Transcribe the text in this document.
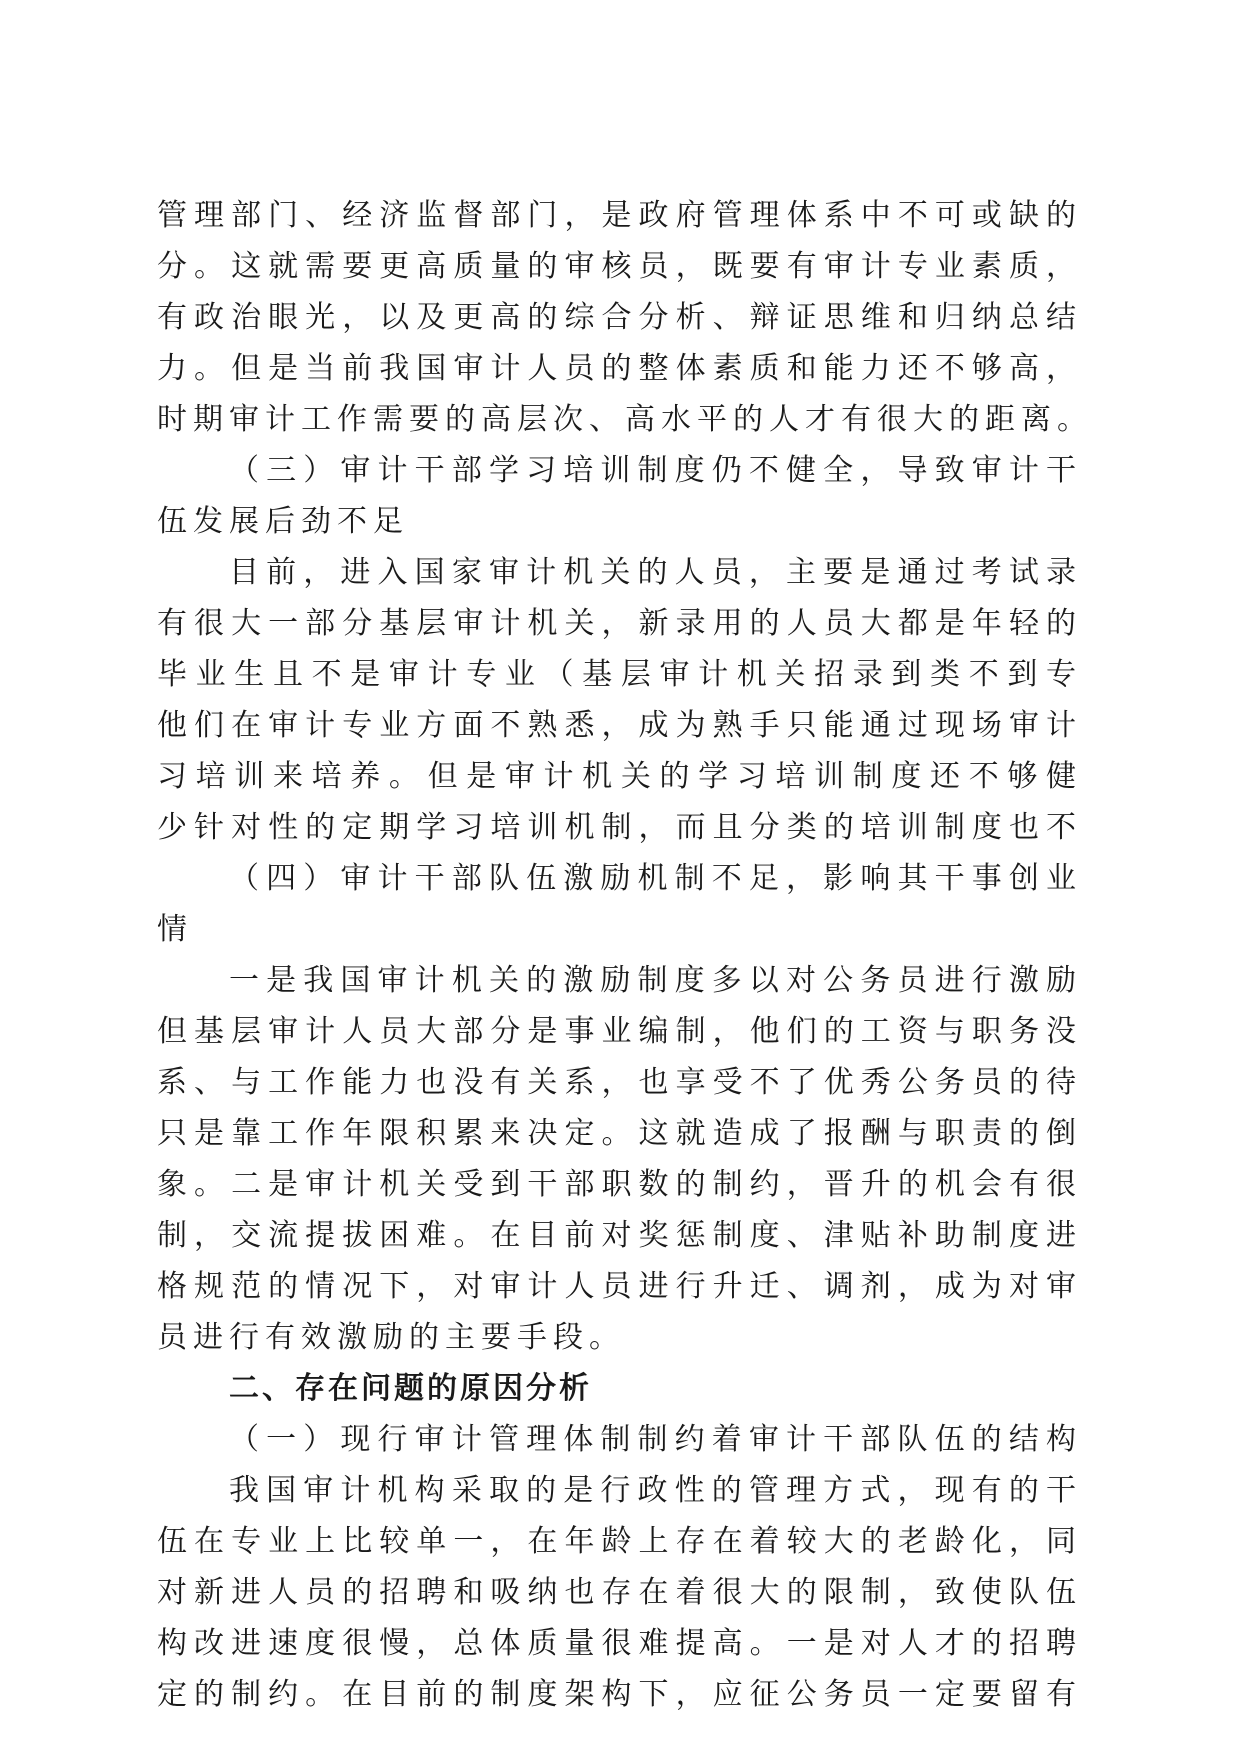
管理部门、经济监督部门，是政府管理体系中不可或缺的
分。这就需要更高质量的审核员，既要有审计专业素质，
有政治眼光，以及更高的综合分析、辩证思维和归纳总结
力。但是当前我国审计人员的整体素质和能力还不够高，
时期审计工作需要的高层次、高水平的人才有很大的距离。
（三）审计干部学习培训制度仍不健全，导致审计干
伍发展后劲不足
目前，进入国家审计机关的人员，主要是通过考试录
有很大一部分基层审计机关，新录用的人员大都是年轻的
毕业生且不是审计专业（基层审计机关招录到类不到专
他们在审计专业方面不熟悉，成为熟手只能通过现场审计
习培训来培养。但是审计机关的学习培训制度还不够健
少针对性的定期学习培训机制，而且分类的培训制度也不
（四）审计干部队伍激励机制不足，影响其干事创业
情
一是我国审计机关的激励制度多以对公务员进行激励
但基层审计人员大部分是事业编制，他们的工资与职务没
系、与工作能力也没有关系，也享受不了优秀公务员的待
只是靠工作年限积累来决定。这就造成了报酬与职责的倒
象。二是审计机关受到干部职数的制约，晋升的机会有很
制，交流提拔困难。在目前对奖惩制度、津贴补助制度进
格规范的情况下，对审计人员进行升迁、调剂，成为对审
员进行有效激励的主要手段。
二、存在问题的原因分析
（一）现行审计管理体制制约着审计干部队伍的结构
我国审计机构采取的是行政性的管理方式，现有的干
伍在专业上比较单一，在年龄上存在着较大的老龄化，同
对新进人员的招聘和吸纳也存在着很大的限制，致使队伍
构改进速度很慢，总体质量很难提高。一是对人才的招聘
定的制约。在目前的制度架构下，应征公务员一定要留有
